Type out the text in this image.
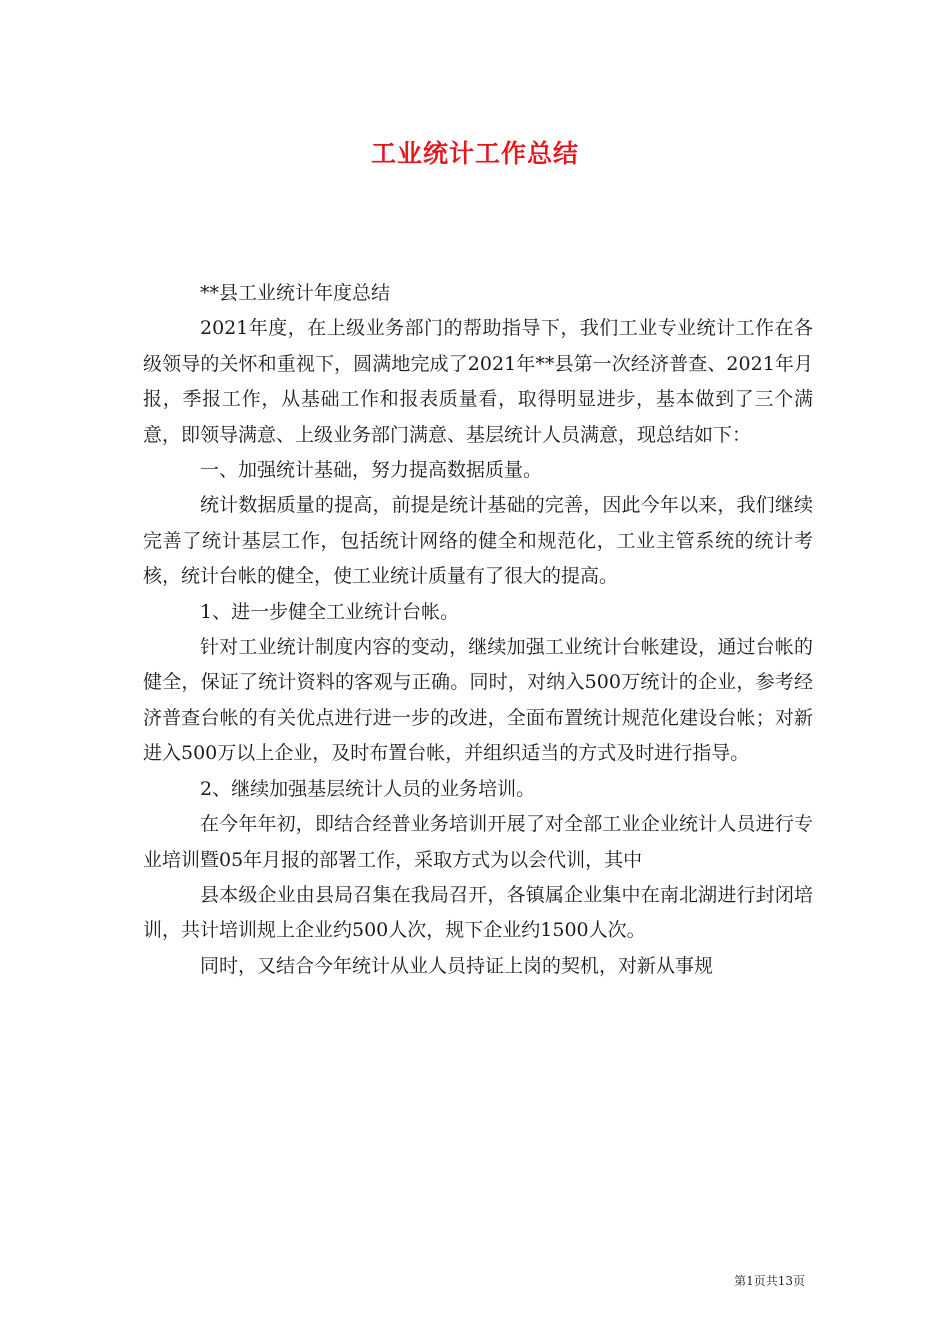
工业统计工作总结

**县工业统计年度总结

2021年度，在上级业务部门的帮助指导下，我们工业专业统计工作在各级领导的关怀和重视下，圆满地完成了2021年**县第一次经济普查、2021年月报，季报工作，从基础工作和报表质量看，取得明显进步，基本做到了三个满意，即领导满意、上级业务部门满意、基层统计人员满意，现总结如下：

一、加强统计基础，努力提高数据质量。

统计数据质量的提高，前提是统计基础的完善，因此今年以来，我们继续完善了统计基层工作，包括统计网络的健全和规范化，工业主管系统的统计考核，统计台帐的健全，使工业统计质量有了很大的提高。

1、进一步健全工业统计台帐。

针对工业统计制度内容的变动，继续加强工业统计台帐建设，通过台帐的健全，保证了统计资料的客观与正确。同时，对纳入500万统计的企业，参考经济普查台帐的有关优点进行进一步的改进，全面布置统计规范化建设台帐；对新进入500万以上企业，及时布置台帐，并组织适当的方式及时进行指导。

2、继续加强基层统计人员的业务培训。

在今年年初，即结合经普业务培训开展了对全部工业企业统计人员进行专业培训暨05年月报的部署工作，采取方式为以会代训，其中

县本级企业由县局召集在我局召开，各镇属企业集中在南北湖进行封闭培训，共计培训规上企业约500人次，规下企业约1500人次。

同时，又结合今年统计从业人员持证上岗的契机，对新从事规

第1页共13页
